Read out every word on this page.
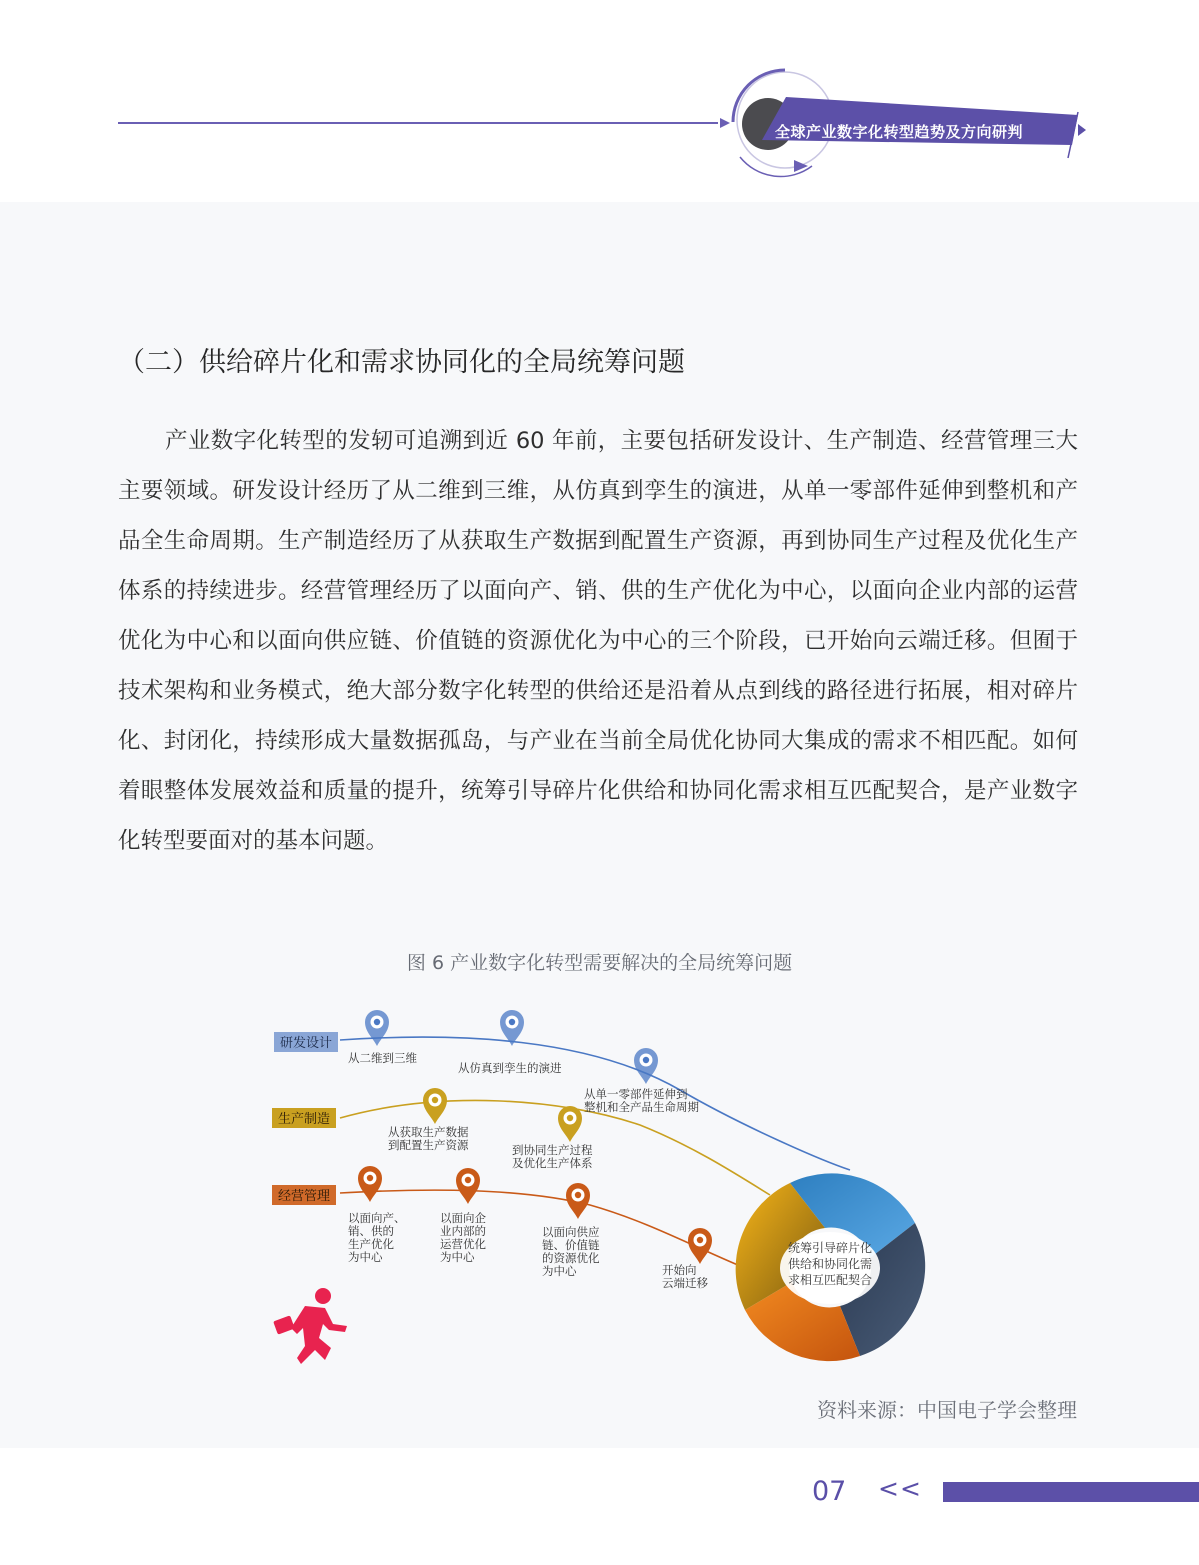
全球产业数字化转型趋势及方向研判
（二）供给碎片化和需求协同化的全局统筹问题

产业数字化转型的发轫可追溯到近 60 年前，主要包括研发设计、生产制造、经营管理三大主要领域。研发设计经历了从二维到三维，从仿真到孪生的演进，从单一零部件延伸到整机和产品全生命周期。生产制造经历了从获取生产数据到配置生产资源，再到协同生产过程及优化生产体系的持续进步。经营管理经历了以面向产、销、供的生产优化为中心，以面向企业内部的运营优化为中心和以面向供应链、价值链的资源优化为中心的三个阶段，已开始向云端迁移。但囿于技术架构和业务模式，绝大部分数字化转型的供给还是沿着从点到线的路径进行拓展，相对碎片化、封闭化，持续形成大量数据孤岛，与产业在当前全局优化协同大集成的需求不相匹配。如何着眼整体发展效益和质量的提升，统筹引导碎片化供给和协同化需求相互匹配契合，是产业数字化转型要面对的基本问题。

图 6 产业数字化转型需要解决的全局统筹问题
统筹引导碎片化
供给和协同化需
求相互匹配契合
研发设计
从二维到三维
从仿真到孪生的演进
从单一零部件延伸到
整机和全产品生命周期
生产制造
从获取生产数据
到配置生产资源	到协同生产过程
及优化生产体系
经营管理
以面向产、
销、供的
生产优化
为中心
以面向企
业内部的
运营优化
为中心
以面向供应
链、价值链
的资源优化
为中心	开始向
云端迁移
资料来源：中国电子学会整理
07 <<
